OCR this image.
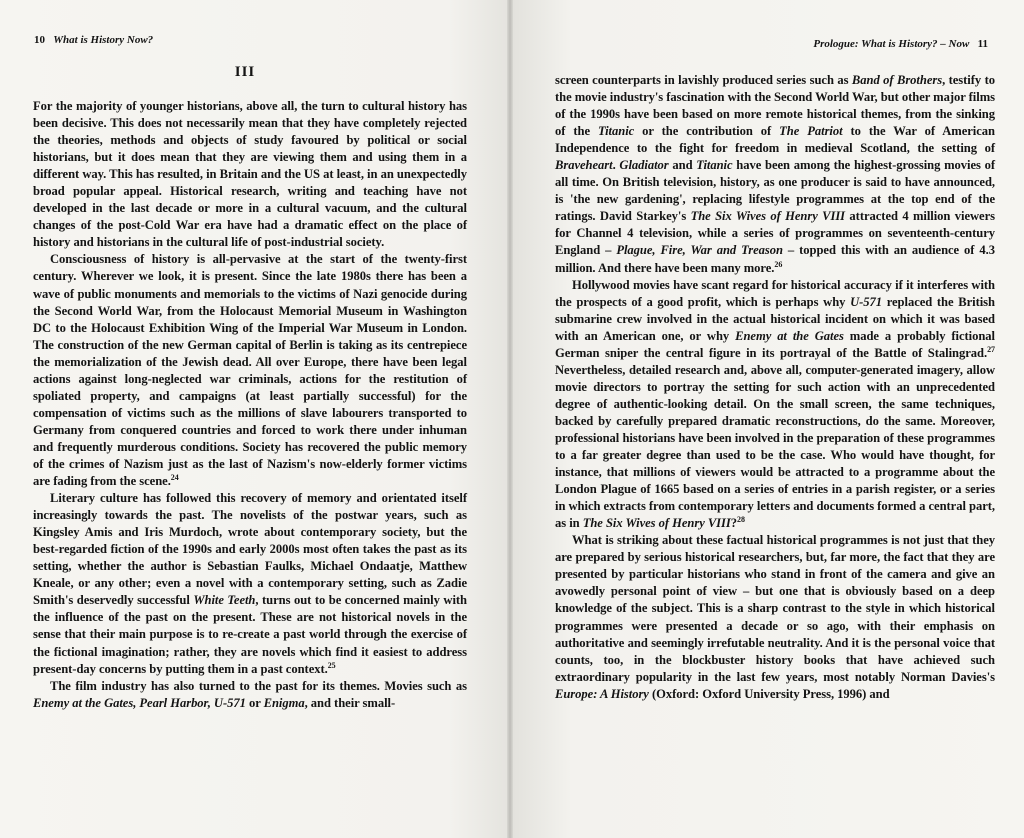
10 What is History Now?
III

For the majority of younger historians, above all, the turn to cultural history has been decisive. This does not necessarily mean that they have completely rejected the theories, methods and objects of study favoured by political or social historians, but it does mean that they are viewing them and using them in a different way. This has resulted, in Britain and the US at least, in an unexpectedly broad popular appeal. Historical research, writing and teaching have not developed in the last decade or more in a cultural vacuum, and the cultural changes of the post-Cold War era have had a dramatic effect on the place of history and historians in the cultural life of post-industrial society.

Consciousness of history is all-pervasive at the start of the twenty-first century. Wherever we look, it is present. Since the late 1980s there has been a wave of public monuments and memorials to the victims of Nazi genocide during the Second World War, from the Holocaust Memorial Museum in Washington DC to the Holocaust Exhibition Wing of the Imperial War Museum in London. The construction of the new German capital of Berlin is taking as its centrepiece the memorialization of the Jewish dead. All over Europe, there have been legal actions against long-neglected war criminals, actions for the restitution of spoliated property, and campaigns (at least partially successful) for the compensation of victims such as the millions of slave labourers transported to Germany from conquered countries and forced to work there under inhuman and frequently murderous conditions. Society has recovered the public memory of the crimes of Nazism just as the last of Nazism's now-elderly former victims are fading from the scene.$^{24}$

Literary culture has followed this recovery of memory and orientated itself increasingly towards the past. The novelists of the postwar years, such as Kingsley Amis and Iris Murdoch, wrote about contemporary society, but the best-regarded fiction of the 1990s and early 2000s most often takes the past as its setting, whether the author is Sebastian Faulks, Michael Ondaatje, Matthew Kneale, or any other; even a novel with a contemporary setting, such as Zadie Smith's deservedly successful White Teeth, turns out to be concerned mainly with the influence of the past on the present. These are not historical novels in the sense that their main purpose is to re-create a past world through the exercise of the fictional imagination; rather, they are novels which find it easiest to address present-day concerns by putting them in a past context.$^{25}$

The film industry has also turned to the past for its themes. Movies such as Enemy at the Gates, Pearl Harbor, U-571 or Enigma, and their small-

Prologue: What is History? – Now 11

screen counterparts in lavishly produced series such as Band of Brothers, testify to the movie industry's fascination with the Second World War, but other major films of the 1990s have been based on more remote historical themes, from the sinking of the Titanic or the contribution of The Patriot to the War of American Independence to the fight for freedom in medieval Scotland, the setting of Braveheart. Gladiator and Titanic have been among the highest-grossing movies of all time. On British television, history, as one producer is said to have announced, is 'the new gardening', replacing lifestyle programmes at the top end of the ratings. David Starkey's The Six Wives of Henry VIII attracted 4 million viewers for Channel 4 television, while a series of programmes on seventeenth-century England – Plague, Fire, War and Treason – topped this with an audience of 4.3 million. And there have been many more.$^{26}$

Hollywood movies have scant regard for historical accuracy if it interferes with the prospects of a good profit, which is perhaps why U-571 replaced the British submarine crew involved in the actual historical incident on which it was based with an American one, or why Enemy at the Gates made a probably fictional German sniper the central figure in its portrayal of the Battle of Stalingrad.$^{27}$ Nevertheless, detailed research and, above all, computer-generated imagery, allow movie directors to portray the setting for such action with an unprecedented degree of authentic-looking detail. On the small screen, the same techniques, backed by carefully prepared dramatic reconstructions, do the same. Moreover, professional historians have been involved in the preparation of these programmes to a far greater degree than used to be the case. Who would have thought, for instance, that millions of viewers would be attracted to a programme about the London Plague of 1665 based on a series of entries in a parish register, or a series in which extracts from contemporary letters and documents formed a central part, as in The Six Wives of Henry VIII?$^{28}$

What is striking about these factual historical programmes is not just that they are prepared by serious historical researchers, but, far more, the fact that they are presented by particular historians who stand in front of the camera and give an avowedly personal point of view – but one that is obviously based on a deep knowledge of the subject. This is a sharp contrast to the style in which historical programmes were presented a decade or so ago, with their emphasis on authoritative and seemingly irrefutable neutrality. And it is the personal voice that counts, too, in the blockbuster history books that have achieved such extraordinary popularity in the last few years, most notably Norman Davies's Europe: A History (Oxford: Oxford University Press, 1996) and
